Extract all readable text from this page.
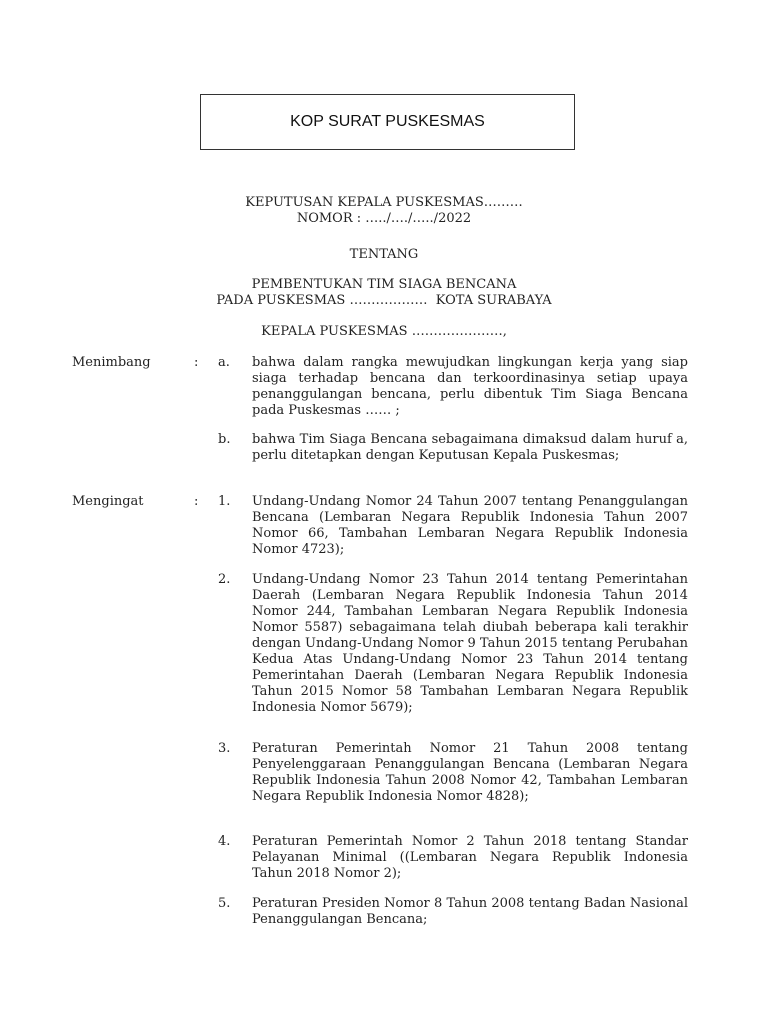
KOP SURAT PUSKESMAS
KEPUTUSAN KEPALA PUSKESMAS………
NOMOR : …../…./…../2022
TENTANG
PEMBENTUKAN TIM SIAGA BENCANA
PADA PUSKESMAS ………………  KOTA SURABAYA
KEPALA PUSKESMAS …………………,
Menimbang	: a. bahwa dalam rangka mewujudkan lingkungan kerja yang siap siaga terhadap bencana dan terkoordinasinya setiap upaya penanggulangan bencana, perlu dibentuk Tim Siaga Bencana pada Puskesmas …… ;
b. bahwa Tim Siaga Bencana sebagaimana dimaksud dalam huruf a, perlu ditetapkan dengan Keputusan Kepala Puskesmas;
Mengingat	: 1. Undang-Undang Nomor 24 Tahun 2007 tentang Penanggulangan Bencana (Lembaran Negara Republik Indonesia Tahun 2007 Nomor 66, Tambahan Lembaran Negara Republik Indonesia Nomor 4723);
2. Undang-Undang Nomor 23 Tahun 2014 tentang Pemerintahan Daerah (Lembaran Negara Republik Indonesia Tahun 2014 Nomor 244, Tambahan Lembaran Negara Republik Indonesia Nomor 5587) sebagaimana telah diubah beberapa kali terakhir dengan Undang-Undang Nomor 9 Tahun 2015 tentang Perubahan Kedua Atas Undang-Undang Nomor 23 Tahun 2014 tentang Pemerintahan Daerah (Lembaran Negara Republik Indonesia Tahun 2015 Nomor 58 Tambahan Lembaran Negara Republik Indonesia Nomor 5679);
3. Peraturan Pemerintah Nomor 21 Tahun 2008 tentang Penyelenggaraan Penanggulangan Bencana (Lembaran Negara Republik Indonesia Tahun 2008 Nomor 42, Tambahan Lembaran Negara Republik Indonesia Nomor 4828);
4. Peraturan Pemerintah Nomor 2 Tahun 2018 tentang Standar Pelayanan Minimal ((Lembaran Negara Republik Indonesia Tahun 2018 Nomor 2);
5. Peraturan Presiden Nomor 8 Tahun 2008 tentang Badan Nasional Penanggulangan Bencana;
